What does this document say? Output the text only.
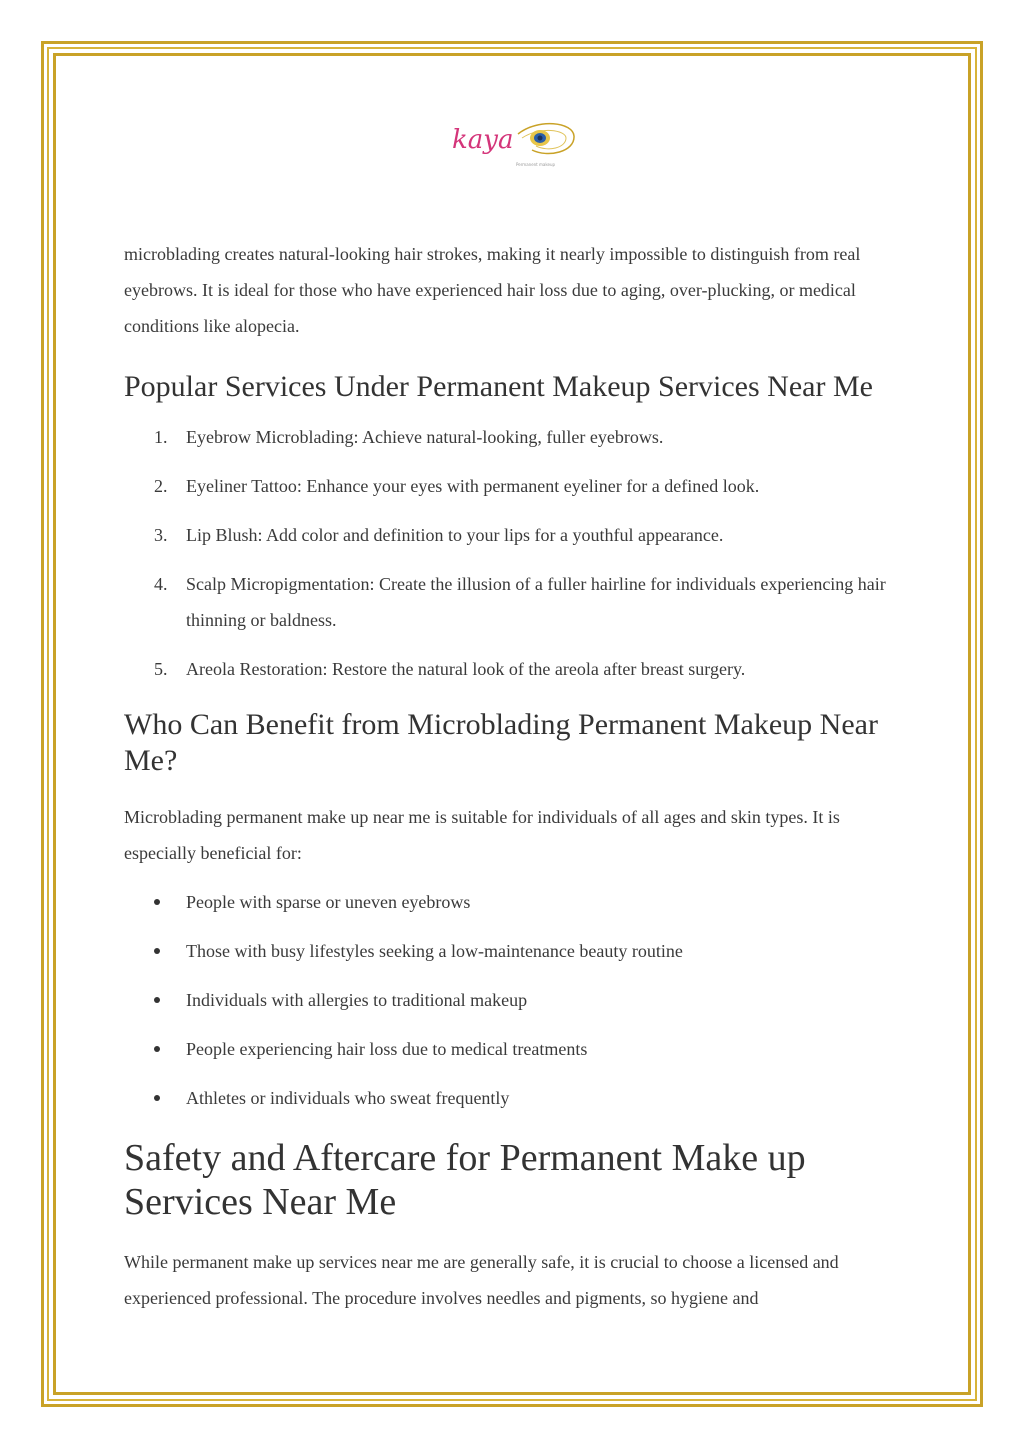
kaya
Permanent makeup

microblading creates natural-looking hair strokes, making it nearly impossible to distinguish from real eyebrows. It is ideal for those who have experienced hair loss due to aging, over-plucking, or medical conditions like alopecia.

Popular Services Under Permanent Makeup Services Near Me
1.	Eyebrow Microblading: Achieve natural-looking, fuller eyebrows.
2.	Eyeliner Tattoo: Enhance your eyes with permanent eyeliner for a defined look.
3.	Lip Blush: Add color and definition to your lips for a youthful appearance.
4.	Scalp Micropigmentation: Create the illusion of a fuller hairline for individuals experiencing hair thinning or baldness.
5.	Areola Restoration: Restore the natural look of the areola after breast surgery.
Who Can Benefit from Microblading Permanent Makeup Near Me?

Microblading permanent make up near me is suitable for individuals of all ages and skin types. It is especially beneficial for:

People with sparse or uneven eyebrows
Those with busy lifestyles seeking a low-maintenance beauty routine
Individuals with allergies to traditional makeup
People experiencing hair loss due to medical treatments
Athletes or individuals who sweat frequently
Safety and Aftercare for Permanent Make up Services Near Me

While permanent make up services near me are generally safe, it is crucial to choose a licensed and experienced professional. The procedure involves needles and pigments, so hygiene and
